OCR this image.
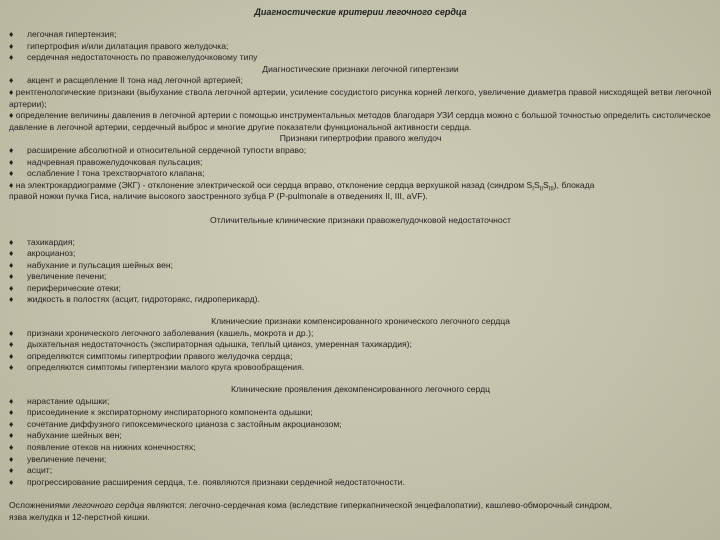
Диагностические критерии легочного сердца
♦ легочная гипертензия;
♦ гипертрофия и/или дилатация правого желудочка;
♦ сердечная недостаточность по правожелудочковому типу
Диагностические признаки легочной гипертензии
♦ акцент и расщепление II тона над легочной артерией;
♦ рентгенологические признаки (выбухание ствола легочной артерии, усиление сосудистого рисунка корней легкого, увеличение диаметра правой нисходящей ветви легочной артерии);
♦ определение величины давления в легочной артерии с помощью инструментальных методов благодаря УЗИ сердца можно с большой точностью определить систолическое давление в легочной артерии, сердечный выброс и многие другие показатели функциональной активности сердца.
Признаки гипертрофии правого желудоч
♦ расширение абсолютной и относительной сердечной тупости вправо;
♦ надчревная правожелудочковая пульсация;
♦ ослабление I тона трехстворчатого клапана;
♦ на электрокардиограмме (ЭКГ) - отклонение электрической оси сердца вправо, отклонение сердца верхушкой назад (синдром $S_IS_{II}S_{III}$), блокада
правой ножки пучка Гиса, наличие высокого заостренного зубца P (P-pulmonale в отведениях II, III, aVF).
Отличительные клинические признаки правожелудочковой недостаточност
♦ тахикардия;
♦ акроцианоз;
♦ набухание и пульсация шейных вен;
♦ увеличение печени;
♦ периферические отеки;
♦ жидкость в полостях (асцит, гидроторакс, гидроперикард).
Клинические признаки компенсированного хронического легочного сердца
♦ признаки хронического легочного заболевания (кашель, мокрота и др.);
♦ дыхательная недостаточность (экспираторная одышка, теплый цианоз, умеренная тахикардия);
♦ определяются симптомы гипертрофии правого желудочка сердца;
♦ определяются симптомы гипертензии малого круга кровообращения.
Клинические проявления декомпенсированного легочного сердц
♦ нарастание одышки;
♦ присоединение к экспираторному инспираторного компонента одышки;
♦ сочетание диффузного гипоксемического цианоза с застойным акроцианозом;
♦ набухание шейных вен;
♦ появление отеков на нижних конечностях;
♦ увеличение печени;
♦ асцит;
♦ прогрессирование расширения сердца, т.е. появляются признаки сердечной недостаточности.
Осложнениями легочного сердца являются: легочно-сердечная кома (вследствие гиперкапнической энцефалопатии), кашлево-обморочный синдром,
язва желудка и 12-перстной кишки.
